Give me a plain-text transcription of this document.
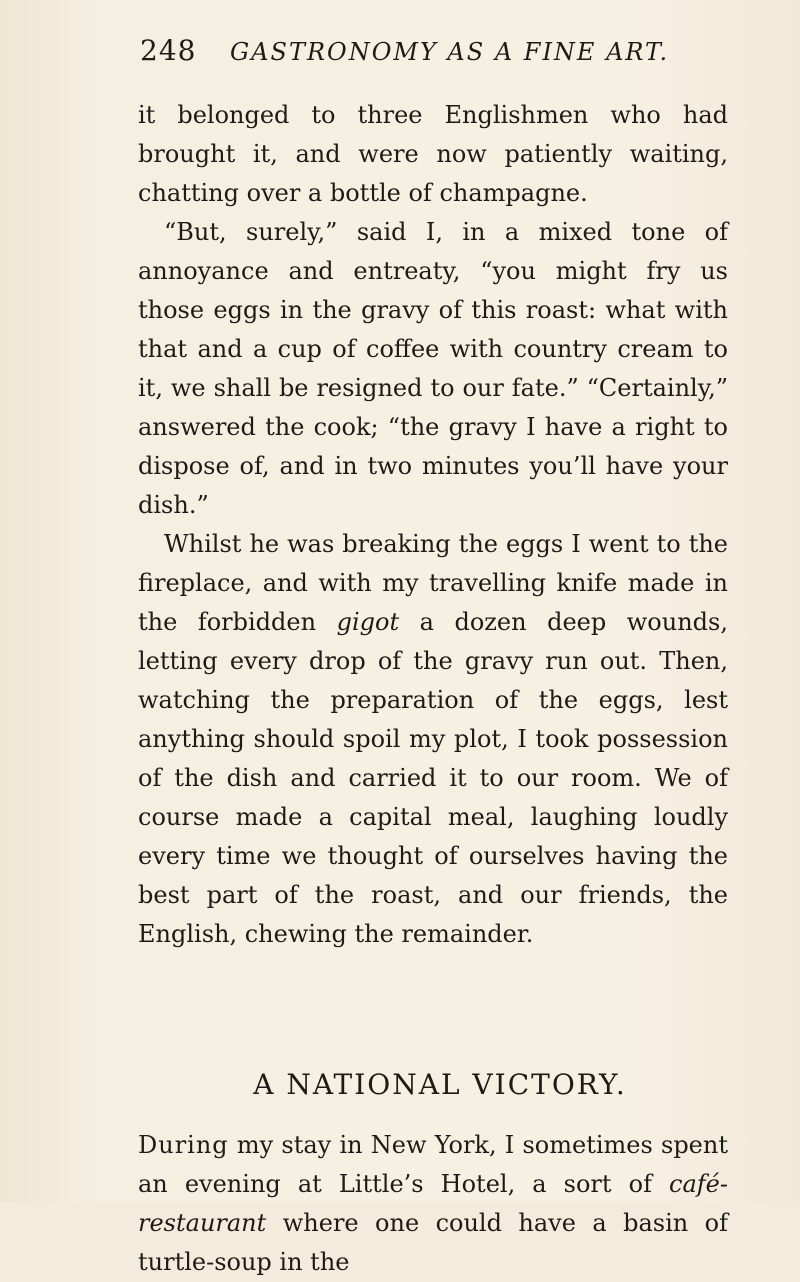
248 GASTRONOMY AS A FINE ART.

it belonged to three Englishmen who had brought it, and were now patiently waiting, chatting over a bottle of champagne.

“But, surely,” said I, in a mixed tone of annoyance and entreaty, “you might fry us those eggs in the gravy of this roast: what with that and a cup of coffee with country cream to it, we shall be resigned to our fate.” “Certainly,” answered the cook; “the gravy I have a right to dispose of, and in two minutes you’ll have your dish.”

Whilst he was breaking the eggs I went to the fireplace, and with my travelling knife made in the forbidden gigot a dozen deep wounds, letting every drop of the gravy run out. Then, watching the preparation of the eggs, lest anything should spoil my plot, I took possession of the dish and carried it to our room. We of course made a capital meal, laughing loudly every time we thought of ourselves having the best part of the roast, and our friends, the English, chewing the remainder.

A NATIONAL VICTORY.
During my stay in New York, I sometimes spent an evening at Little’s Hotel, a sort of café-restaurant where one could have a basin of turtle-soup in the
